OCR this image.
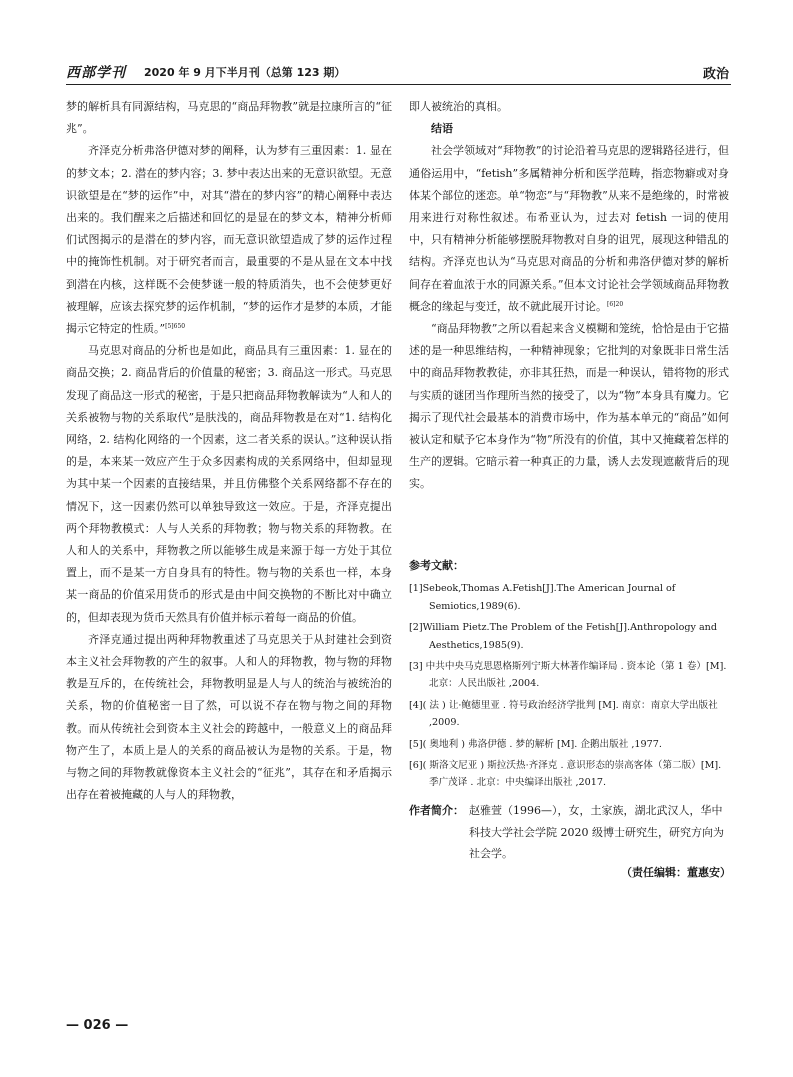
西部学刊 2020 年 9 月下半月刊（总第 123 期）	政治

梦的解析具有同源结构，马克思的“商品拜物教”就是拉康所言的“征兆”。

齐泽克分析弗洛伊德对梦的阐释，认为梦有三重因素：1. 显在的梦文本；2. 潜在的梦内容；3. 梦中表达出来的无意识欲望。无意识欲望是在“梦的运作”中，对其“潜在的梦内容”的精心阐释中表达出来的。我们醒来之后描述和回忆的是显在的梦文本，精神分析师们试图揭示的是潜在的梦内容，而无意识欲望造成了梦的运作过程中的掩饰性机制。对于研究者而言，最重要的不是从显在文本中找到潜在内核，这样既不会使梦谜一般的特质消失，也不会使梦更好被理解，应该去探究梦的运作机制，“梦的运作才是梦的本质，才能揭示它特定的性质。”$^{[5]650}$

马克思对商品的分析也是如此，商品具有三重因素：1. 显在的商品交换；2. 商品背后的价值量的秘密；3. 商品这一形式。马克思发现了商品这一形式的秘密，于是只把商品拜物教解读为“人和人的关系被物与物的关系取代”是肤浅的，商品拜物教是在对“1. 结构化网络，2. 结构化网络的一个因素，这二者关系的误认。”这种误认指的是，本来某一效应产生于众多因素构成的关系网络中，但却显现为其中某一个因素的直接结果，并且仿佛整个关系网络都不存在的情况下，这一因素仍然可以单独导致这一效应。于是，齐泽克提出两个拜物教模式：人与人关系的拜物教；物与物关系的拜物教。在人和人的关系中，拜物教之所以能够生成是来源于每一方处于其位置上，而不是某一方自身具有的特性。物与物的关系也一样，本身某一商品的价值采用货币的形式是由中间交换物的不断比对中确立的，但却表现为货币天然具有价值并标示着每一商品的价值。

齐泽克通过提出两种拜物教重述了马克思关于从封建社会到资本主义社会拜物教的产生的叙事。人和人的拜物教，物与物的拜物教是互斥的，在传统社会，拜物教明显是人与人的统治与被统治的关系，物的价值秘密一目了然，可以说不存在物与物之间的拜物教。而从传统社会到资本主义社会的跨越中，一般意义上的商品拜物产生了，本质上是人的关系的商品被认为是物的关系。于是，物与物之间的拜物教就像资本主义社会的“征兆”，其存在和矛盾揭示出存在着被掩藏的人与人的拜物教，

即人被统治的真相。

结语

社会学领域对“拜物教”的讨论沿着马克思的逻辑路径进行，但通俗运用中，“fetish”多属精神分析和医学范畴，指恋物癖或对身体某个部位的迷恋。单“物恋”与“拜物教”从来不是绝缘的，时常被用来进行对称性叙述。布希亚认为，过去对 fetish 一词的使用中，只有精神分析能够摆脱拜物教对自身的诅咒，展现这种错乱的结构。齐泽克也认为“马克思对商品的分析和弗洛伊德对梦的解析间存在着血浓于水的同源关系。”但本文讨论社会学领域商品拜物教概念的缘起与变迁，故不就此展开讨论。$^{[6]20}$

“商品拜物教”之所以看起来含义模糊和笼统，恰恰是由于它描述的是一种思维结构，一种精神现象；它批判的对象既非日常生活中的商品拜物教教徒，亦非其狂热，而是一种误认，错将物的形式与实质的谜团当作理所当然的接受了，以为“物”本身具有魔力。它揭示了现代社会最基本的消费市场中，作为基本单元的“商品”如何被认定和赋予它本身作为“物”所没有的价值，其中又掩藏着怎样的生产的逻辑。它暗示着一种真正的力量，诱人去发现遮蔽背后的现实。

参考文献：
[1]Sebeok,Thomas A.Fetish[J].The American Journal of Semiotics,1989(6).
[2]William Pietz.The Problem of the Fetish[J].Anthropology and Aesthetics,1985(9).
[3] 中共中央马克思恩格斯列宁斯大林著作编译局 . 资本论（第 1 卷）[M]. 北京：人民出版社 ,2004.
[4]( 法 ) 让·鲍德里亚 . 符号政治经济学批判 [M]. 南京：南京大学出版社 ,2009.
[5]( 奥地利 ) 弗洛伊德 . 梦的解析 [M]. 企鹅出版社 ,1977.
[6]( 斯洛文尼亚 ) 斯拉沃热·齐泽克 . 意识形态的崇高客体（第二版）[M]. 季广茂译 . 北京：中央编译出版社 ,2017.
作者简介： 赵雅萱（1996—），女，土家族，湖北武汉人，华中科技大学社会学院 2020 级博士研究生，研究方向为社会学。
（责任编辑：董惠安）
— 026 —
